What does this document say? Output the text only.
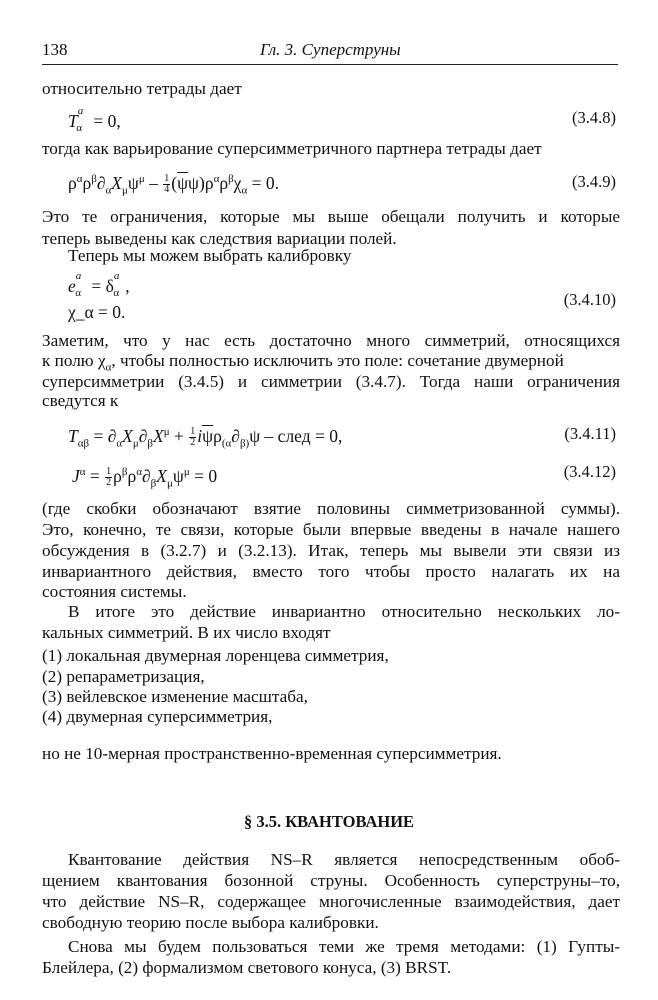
138	Гл. 3. Суперструны
относительно тетрады дает
$T^a_\alpha = 0$,	(3.4.8)
тогда как варьирование суперсимметричного партнера тетрады дает
$\rho^\alpha\rho^\beta\partial_\alpha X_\mu\psi^\mu - \frac{1}{4} (\overline{\psi}\psi)\rho^\alpha\rho^\beta\chi_\alpha = 0$.	(3.4.9)
Это те ограничения, которые мы выше обещали получить и которые
теперь выведены как следствия вариации полей.
Теперь мы можем выбрать калибровку
$e^a_\alpha = \delta^a_\alpha$ ,
χ_α = 0.
(3.4.10)
Заметим, что у нас есть достаточно много симметрий, относящихся
к полю $\chi_\alpha$, чтобы полностью исключить это поле: сочетание двумерной
суперсимметрии (3.4.5) и симметрии (3.4.7). Тогда наши ограничения
сведутся к
$T_{\alpha\beta} = \partial_\alpha X_\mu\partial_\beta X^\mu + \frac{1}{2} i\overline{\psi}\rho_{(\alpha}\partial_{\beta)}\psi$ – след = 0,	(3.4.11)
$J^\alpha = \frac{1}{2} \rho^\beta\rho^\alpha\partial_\beta X_\mu\psi^\mu = 0$	(3.4.12)
(где скобки обозначают взятие половины симметризованной суммы).
Это, конечно, те связи, которые были впервые введены в начале нашего
обсуждения в (3.2.7) и (3.2.13). Итак, теперь мы вывели эти связи из
инвариантного действия, вместо того чтобы просто налагать их на
состояния системы.
В итоге это действие инвариантно относительно нескольких ло-
кальных симметрий. В их число входят
(1) локальная двумерная лоренцева симметрия,
(2) репараметризация,
(3) вейлевское изменение масштаба,
(4) двумерная суперсимметрия,
но не 10-мерная пространственно-временная суперсимметрия.
§ 3.5. КВАНТОВАНИЕ
Квантование действия NS–R является непосредственным обоб-
щением квантования бозонной струны. Особенность суперструны–то,
что действие NS–R, содержащее многочисленные взаимодействия, дает
свободную теорию после выбора калибровки.
Снова мы будем пользоваться теми же тремя методами: (1) Гупты-
Блейлера, (2) формализмом светового конуса, (3) BRST.
